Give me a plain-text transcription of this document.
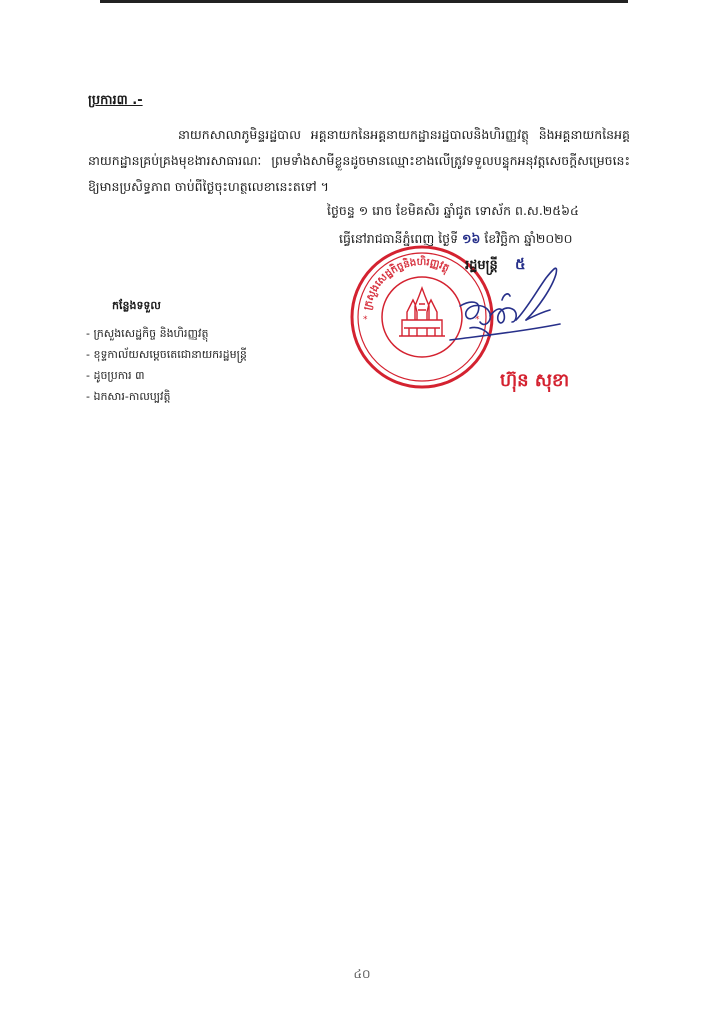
ប្រការ៣ .-
នាយកសាលាភូមិន្ទរដ្ឋបាល អគ្គនាយកនៃអគ្គនាយកដ្ឋានរដ្ឋបាលនិងហិរញ្ញវត្ថុ និងអគ្គនាយកនៃអគ្គនាយកដ្ឋានគ្រប់គ្រងមុខងារសាធារណៈ ព្រមទាំងសាមីខ្លួនដូចមានឈ្មោះខាងលើត្រូវទទួលបន្ទុកអនុវត្តសេចក្តីសម្រេចនេះ ឱ្យមានប្រសិទ្ធភាព ចាប់ពីថ្ងៃចុះហត្ថលេខានេះតទៅ ។
ថ្ងៃចន្ទ ១ រោច ខែមិគសិរ ឆ្នាំជូត ទោស័ក ព.ស.២៥៦៤
ធ្វើនៅរាជធានីភ្នំពេញ ថ្ងៃទី ១៦ ខែវិច្ឆិកា ឆ្នាំ២០២០
ក្រសួងសេដ្ឋកិច្ចនិងហិរញ្ញវត្ថុ
*	*
រដ្ឋមន្ត្រី ៥
ហ៊ុន សុខា
កន្លែងទទួល
- ក្រសួងសេដ្ឋកិច្ច និងហិរញ្ញវត្ថុ
- ខុទ្ទកាល័យសម្តេចតេជោនាយករដ្ឋមន្ត្រី
- ដូចប្រការ ៣
- ឯកសារ-កាលប្បវត្តិ
៤០
